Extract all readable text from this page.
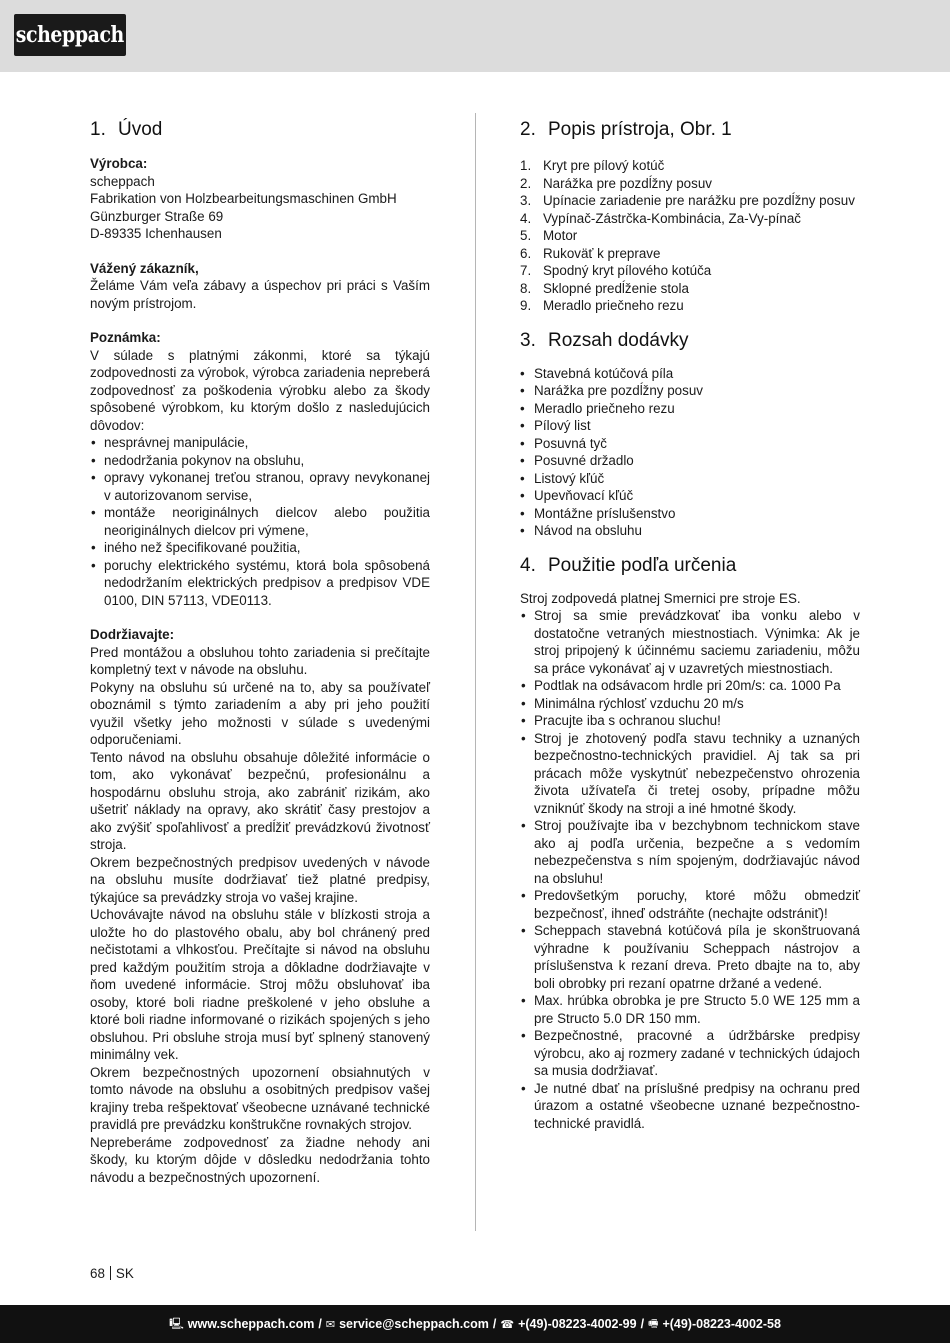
scheppach
1. Úvod
Výrobca:
scheppach
Fabrikation von Holzbearbeitungsmaschinen GmbH
Günzburger Straße 69
D-89335 Ichenhausen
Vážený zákazník,

Želáme Vám veľa zábavy a úspechov pri práci s Vaším novým prístrojom.

Poznámka:

V súlade s platnými zákonmi, ktoré sa týkajú zodpovednosti za výrobok, výrobca zariadenia nepreberá zodpovednosť za poškodenia výrobku alebo za škody spôsobené výrobkom, ku ktorým došlo z nasledujúcich dôvodov:

• nesprávnej manipulácie,
• nedodržania pokynov na obsluhu,
• opravy vykonanej treťou stranou, opravy nevykonanej v autorizovanom servise,
• montáže neoriginálnych dielcov alebo použitia neoriginálnych dielcov pri výmene,
• iného než špecifikované použitia,
• poruchy elektrického systému, ktorá bola spôsobená nedodržaním elektrických predpisov a predpisov VDE 0100, DIN 57113, VDE0113.
Dodržiavajte:

Pred montážou a obsluhou tohto zariadenia si prečítajte kompletný text v návode na obsluhu.

Pokyny na obsluhu sú určené na to, aby sa používateľ oboznámil s týmto zariadením a aby pri jeho použití využil všetky jeho možnosti v súlade s uvedenými odporučeniami.

Tento návod na obsluhu obsahuje dôležité informácie o tom, ako vykonávať bezpečnú, profesionálnu a hospodárnu obsluhu stroja, ako zabrániť rizikám, ako ušetriť náklady na opravy, ako skrátiť časy prestojov a ako zvýšiť spoľahlivosť a predĺžiť prevádzkovú životnosť stroja.

Okrem bezpečnostných predpisov uvedených v návode na obsluhu musíte dodržiavať tiež platné predpisy, týkajúce sa prevádzky stroja vo vašej krajine.

Uchovávajte návod na obsluhu stále v blízkosti stroja a uložte ho do plastového obalu, aby bol chránený pred nečistotami a vlhkosťou. Prečítajte si návod na obsluhu pred každým použitím stroja a dôkladne dodržiavajte v ňom uvedené informácie. Stroj môžu obsluhovať iba osoby, ktoré boli riadne preškolené v jeho obsluhe a ktoré boli riadne informované o rizikách spojených s jeho obsluhou. Pri obsluhe stroja musí byť splnený stanovený minimálny vek.

Okrem bezpečnostných upozornení obsiahnutých v tomto návode na obsluhu a osobitných predpisov vašej krajiny treba rešpektovať všeobecne uznávané technické pravidlá pre prevádzku konštrukčne rovnakých strojov.

Nepreberáme zodpovednosť za žiadne nehody ani škody, ku ktorým dôjde v dôsledku nedodržania tohto návodu a bezpečnostných upozornení.

2. Popis prístroja, Obr. 1
1. Kryt pre pílový kotúč
2. Narážka pre pozdĺžny posuv
3. Upínacie zariadenie pre narážku pre pozdĺžny posuv
4. Vypínač-Zástrčka-Kombinácia, Za-Vy-pínač
5. Motor
6. Rukoväť k preprave
7. Spodný kryt pílového kotúča
8. Sklopné predĺženie stola
9. Meradlo priečneho rezu
3. Rozsah dodávky
• Stavebná kotúčová píla
• Narážka pre pozdĺžny posuv
• Meradlo priečneho rezu
• Pílový list
• Posuvná tyč
• Posuvné držadlo
• Listový kľúč
• Upevňovací kľúč
• Montážne príslušenstvo
• Návod na obsluhu
4. Použitie podľa určenia

Stroj zodpovedá platnej Smernici pre stroje ES.

• Stroj sa smie prevádzkovať iba vonku alebo v dostatočne vetraných miestnostiach. Výnimka: Ak je stroj pripojený k účinnému saciemu zariadeniu, môžu sa práce vykonávať aj v uzavretých miestnostiach.
• Podtlak na odsávacom hrdle pri 20m/s: ca. 1000 Pa
• Minimálna rýchlosť vzduchu 20 m/s
• Pracujte iba s ochranou sluchu!
• Stroj je zhotovený podľa stavu techniky a uznaných bezpečnostno-technických pravidiel. Aj tak sa pri prácach môže vyskytnúť nebezpečenstvo ohrozenia života užívateľa či tretej osoby, prípadne môžu vzniknúť škody na stroji a iné hmotné škody.
• Stroj používajte iba v bezchybnom technickom stave ako aj podľa určenia, bezpečne a s vedomím nebezpečenstva s ním spojeným, dodržiavajúc návod na obsluhu!
• Predovšetkým poruchy, ktoré môžu obmedziť bezpečnosť, ihneď odstráňte (nechajte odstrániť)!
• Scheppach stavebná kotúčová píla je skonštruovaná výhradne k používaniu Scheppach nástrojov a príslušenstva k rezaní dreva. Preto dbajte na to, aby boli obrobky pri rezaní opatrne držané a vedené.
• Max. hrúbka obrobka je pre Structo 5.0 WE 125 mm a pre Structo 5.0 DR 150 mm.
• Bezpečnostné, pracovné a údržbárske predpisy výrobcu, ako aj rozmery zadané v technických údajoch sa musia dodržiavať.
• Je nutné dbať na príslušné predpisy na ochranu pred úrazom a ostatné všeobecne uznané bezpečnostno-technické pravidlá.
68 SK
🖳 www.scheppach.com / ✉ service@scheppach.com / ☎ +(49)-08223-4002-99 / 🖷 +(49)-08223-4002-58
